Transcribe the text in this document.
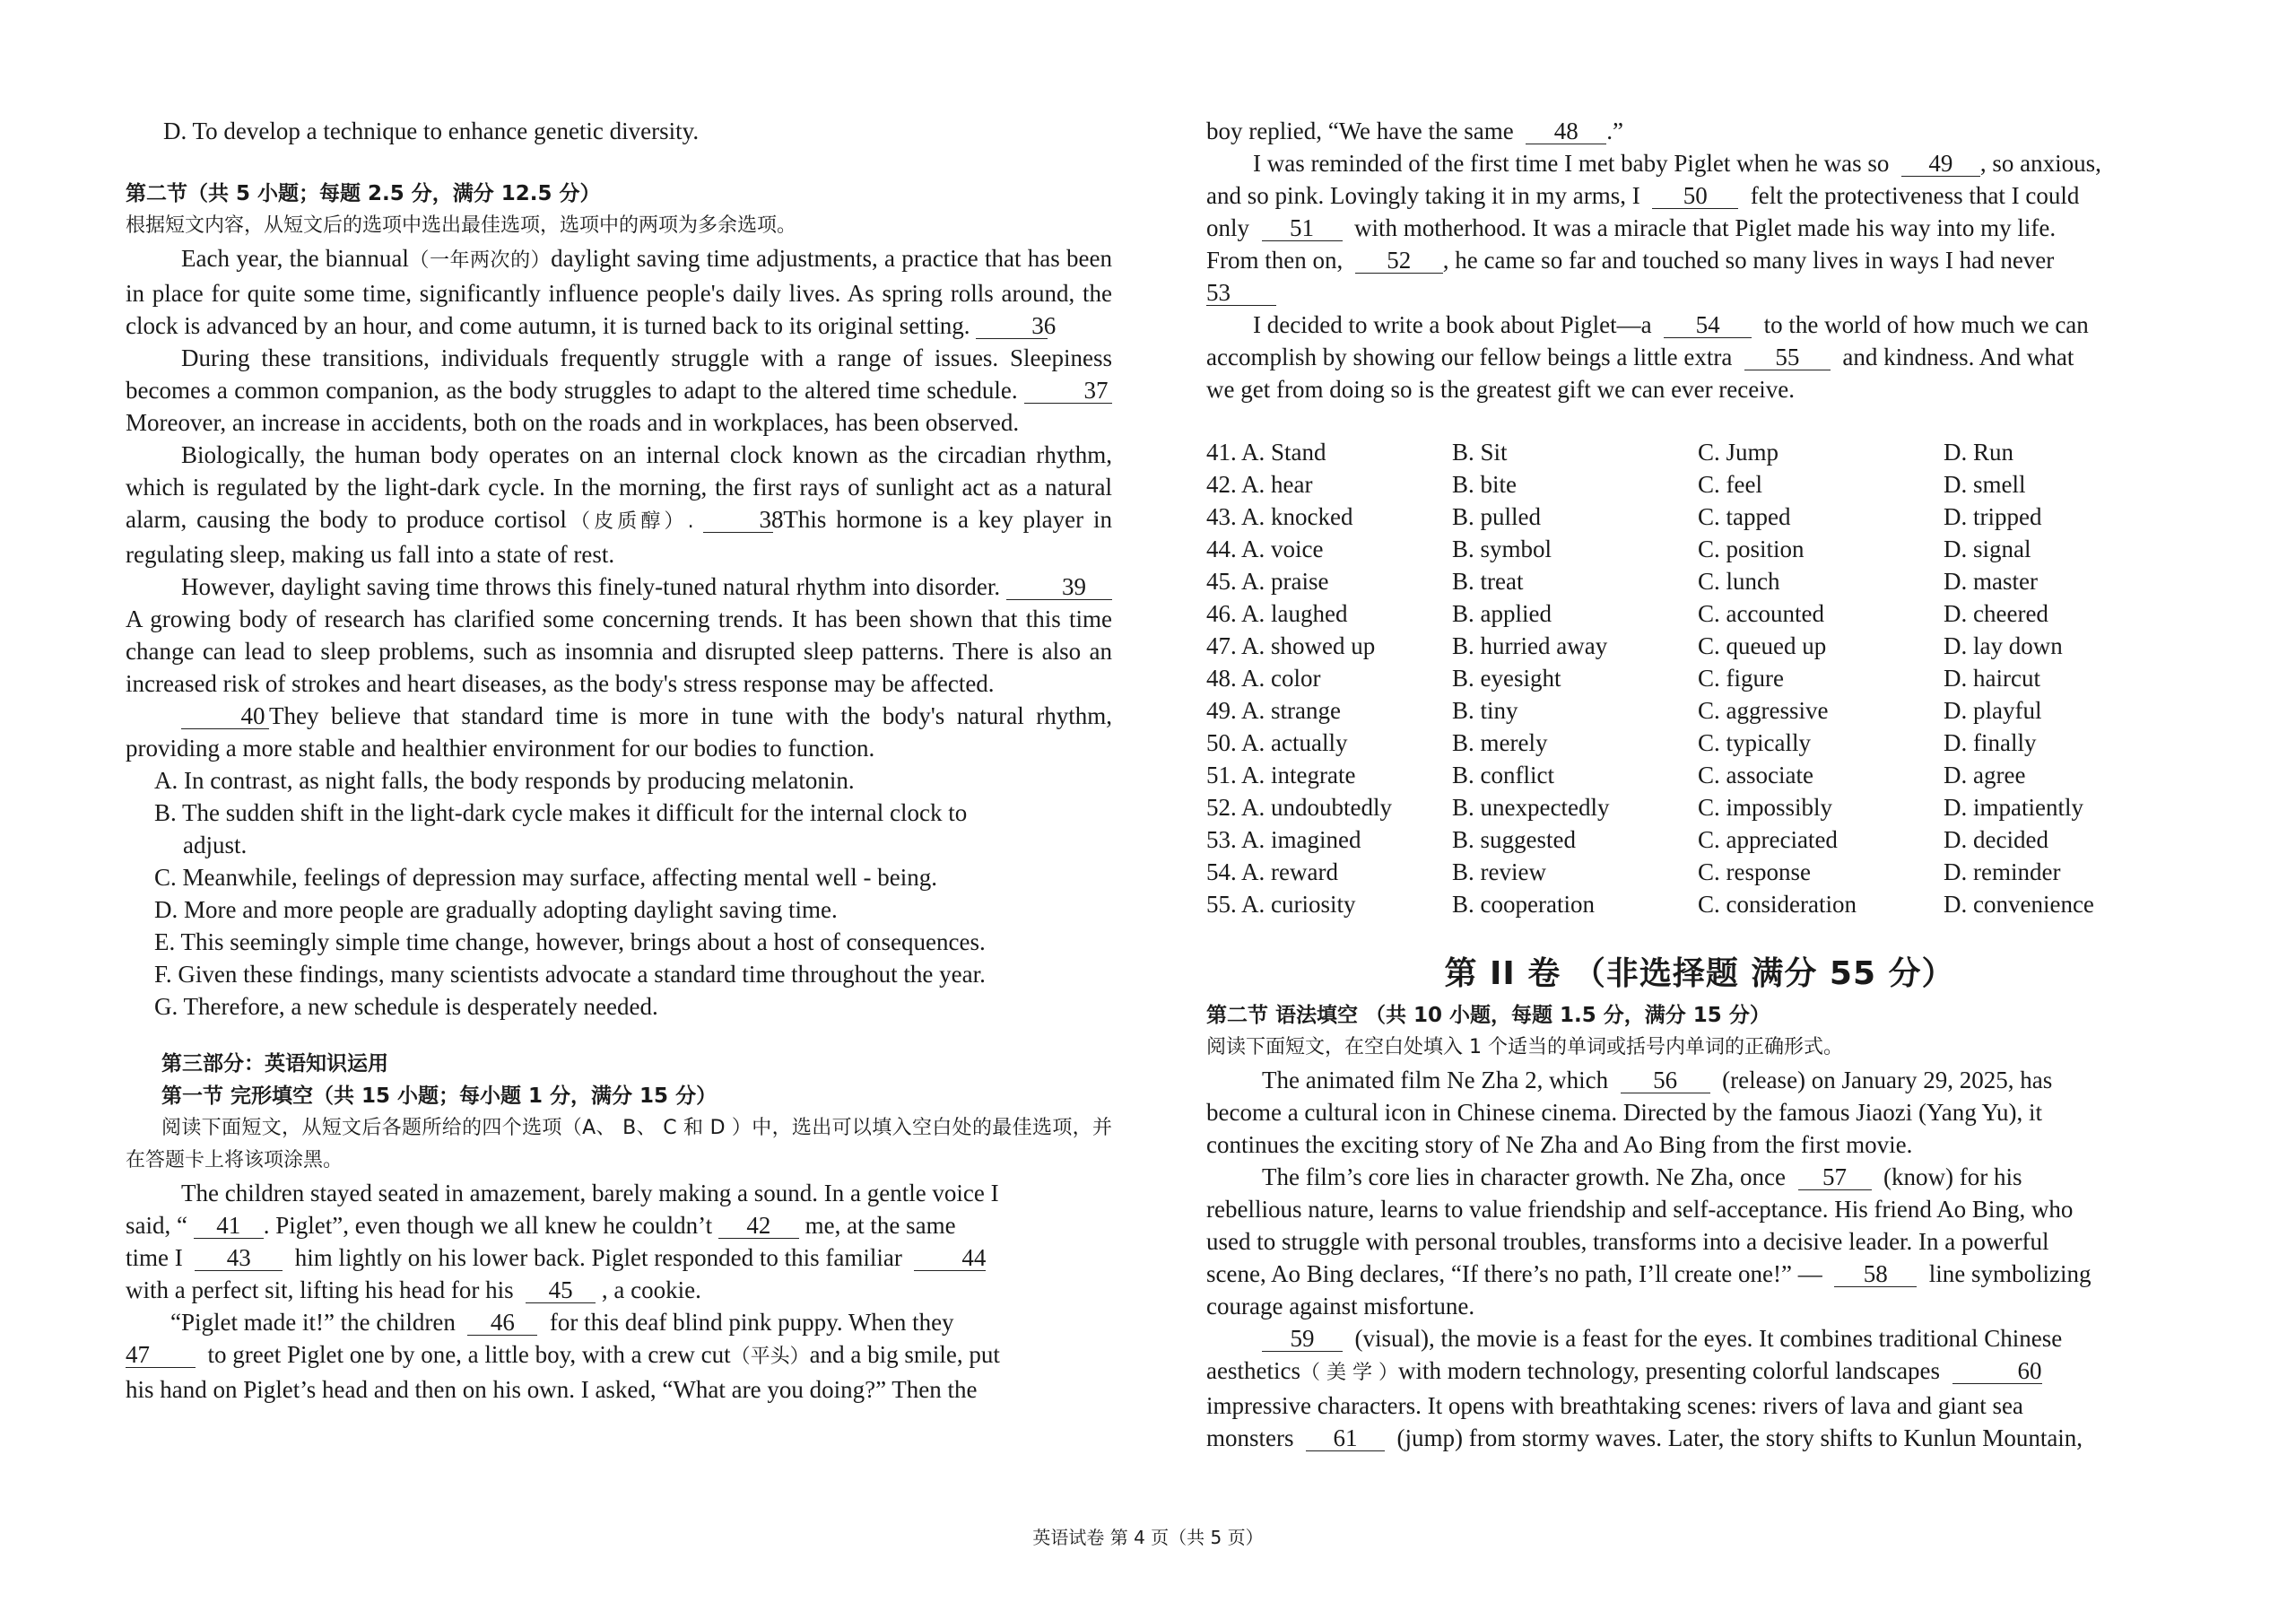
D. To develop a technique to enhance genetic diversity.
第二节（共 5 小题；每题 2.5 分，满分 12.5 分）
根据短文内容，从短文后的选项中选出最佳选项，选项中的两项为多余选项。

Each year, the biannual（一年两次的）daylight saving time adjustments, a practice that has been in place for quite some time, significantly influence people's daily lives. As spring rolls around, the clock is advanced by an hour, and come autumn, it is turned back to its original setting.	36

During these transitions, individuals frequently struggle with a range of issues. Sleepiness becomes a common companion, as the body struggles to adapt to the altered time schedule.	37 Moreover, an increase in accidents, both on the roads and in workplaces, has been observed.

Biologically, the human body operates on an internal clock known as the circadian rhythm, which is regulated by the light-dark cycle. In the morning, the first rays of sunlight act as a natural alarm, causing the body to produce cortisol（皮质醇）.	38 This hormone is a key player in regulating sleep, making us fall into a state of rest.

However, daylight saving time throws this finely-tuned natural rhythm into disorder.	39 A growing body of research has clarified some concerning trends. It has been shown that this time change can lead to sleep problems, such as insomnia and disrupted sleep patterns. There is also an increased risk of strokes and heart diseases, as the body's stress response may be affected.

40 They believe that standard time is more in tune with the body's natural rhythm, providing a more stable and healthier environment for our bodies to function.

A. In contrast, as night falls, the body responds by producing melatonin.
B. The sudden shift in the light-dark cycle makes it difficult for the internal clock to
adjust.
C. Meanwhile, feelings of depression may surface, affecting mental well - being.
D. More and more people are gradually adopting daylight saving time.
E. This seemingly simple time change, however, brings about a host of consequences.
F. Given these findings, many scientists advocate a standard time throughout the year.
G. Therefore, a new schedule is desperately needed.
第三部分：英语知识运用
第一节 完形填空（共 15 小题；每小题 1 分，满分 15 分）
阅读下面短文，从短文后各题所给的四个选项（A、 B、 C 和 D ）中，选出可以填入空白处的最佳选项，并在答题卡上将该项涂黑。
The children stayed seated in amazement, barely making a sound. In a gentle voice I
said, “ 41 . Piglet”, even though we all knew he couldn’t 42 me, at the same
time I 43 him lightly on his lower back. Piglet responded to this familiar 44
with a perfect sit, lifting his head for his 45 , a cookie.
“Piglet made it!” the children 46 for this deaf blind pink puppy. When they
47 to greet Piglet one by one, a little boy, with a crew cut（平头）and a big smile, put
his hand on Piglet’s head and then on his own. I asked, “What are you doing?” Then the
boy replied, “We have the same 48 .”
I was reminded of the first time I met baby Piglet when he was so 49 , so anxious,
and so pink. Lovingly taking it in my arms, I 50 felt the protectiveness that I could
only 51 with motherhood. It was a miracle that Piglet made his way into my life.
From then on, 52 , he came so far and touched so many lives in ways I had never
53
I decided to write a book about Piglet—a 54 to the world of how much we can
accomplish by showing our fellow beings a little extra 55 and kindness. And what
we get from doing so is the greatest gift we can ever receive.
41. A. Stand	B. Sit	C. Jump	D. Run
42. A. hear	B. bite	C. feel	D. smell
43. A. knocked	B. pulled	C. tapped	D. tripped
44. A. voice	B. symbol	C. position	D. signal
45. A. praise	B. treat	C. lunch	D. master
46. A. laughed	B. applied	C. accounted	D. cheered
47. A. showed up	B. hurried away	C. queued up	D. lay down
48. A. color	B. eyesight	C. figure	D. haircut
49. A. strange	B. tiny	C. aggressive	D. playful
50. A. actually	B. merely	C. typically	D. finally
51. A. integrate	B. conflict	C. associate	D. agree
52. A. undoubtedly	B. unexpectedly	C. impossibly	D. impatiently
53. A. imagined	B. suggested	C. appreciated	D. decided
54. A. reward	B. review	C. response	D. reminder
55. A. curiosity	B. cooperation	C. consideration	D. convenience
第 II 卷 （非选择题 满分 55 分）
第二节 语法填空 （共 10 小题，每题 1.5 分，满分 15 分）
阅读下面短文，在空白处填入 1 个适当的单词或括号内单词的正确形式。
The animated film Ne Zha 2, which 56 (release) on January 29, 2025, has
become a cultural icon in Chinese cinema. Directed by the famous Jiaozi (Yang Yu), it
continues the exciting story of Ne Zha and Ao Bing from the first movie.
The film’s core lies in character growth. Ne Zha, once 57 (know) for his
rebellious nature, learns to value friendship and self-acceptance. His friend Ao Bing, who
used to struggle with personal troubles, transforms into a decisive leader. In a powerful
scene, Ao Bing declares, “If there’s no path, I’ll create one!” — 58 line symbolizing
courage against misfortune.
59 (visual), the movie is a feast for the eyes. It combines traditional Chinese
aesthetics（ 美 学 ）with modern technology, presenting colorful landscapes	60
impressive characters. It opens with breathtaking scenes: rivers of lava and giant sea
monsters 61 (jump) from stormy waves. Later, the story shifts to Kunlun Mountain,
英语试卷 第 4 页（共 5 页）
